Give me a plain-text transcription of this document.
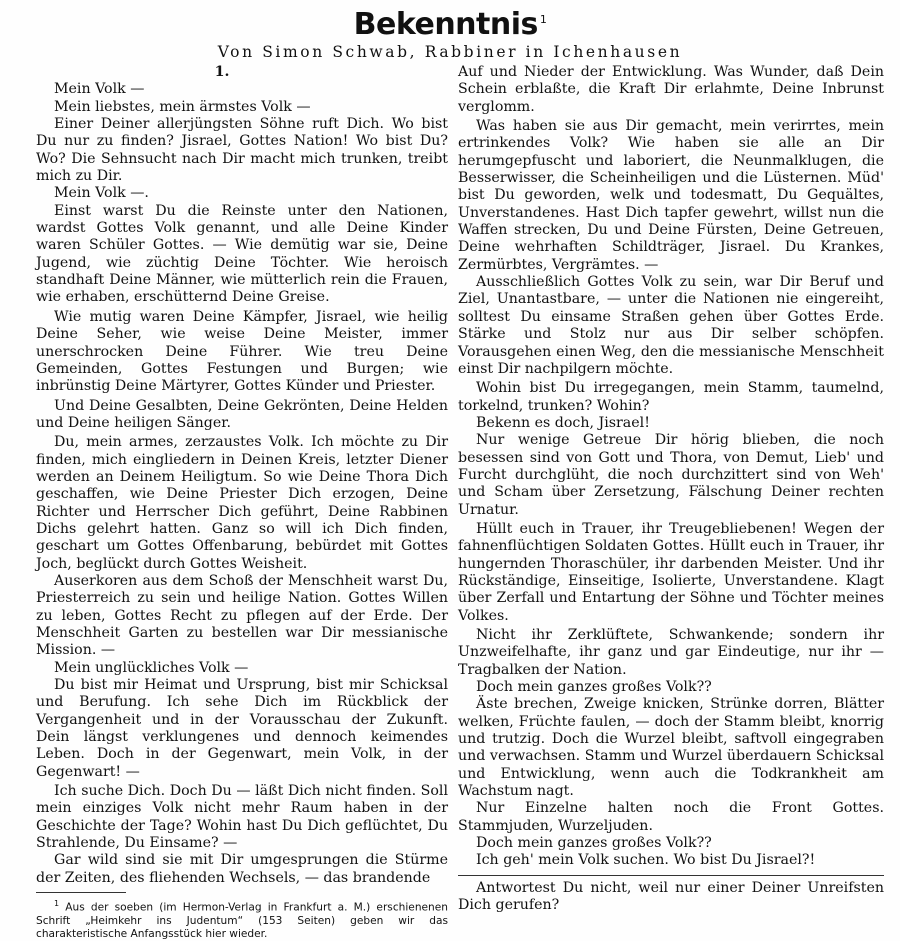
Bekenntnis $^1$
Von Simon Schwab, Rabbiner in Ichenhausen

1.

Mein Volk —

Mein liebstes, mein ärmstes Volk —

Einer Deiner allerjüngsten Söhne ruft Dich. Wo bist Du nur zu finden? Jisrael, Gottes Nation! Wo bist Du? Wo? Die Sehnsucht nach Dir macht mich trunken, treibt mich zu Dir.

Mein Volk —.

Einst warst Du die Reinste unter den Nationen, wardst Gottes Volk genannt, und alle Deine Kinder waren Schüler Gottes. — Wie demütig war sie, Deine Jugend, wie züchtig Deine Töchter. Wie heroisch standhaft Deine Männer, wie mütterlich rein die Frauen, wie erhaben, erschütternd Deine Greise.

Wie mutig waren Deine Kämpfer, Jisrael, wie heilig Deine Seher, wie weise Deine Meister, immer unerschrocken Deine Führer. Wie treu Deine Gemeinden, Gottes Festungen und Burgen; wie inbrünstig Deine Märtyrer, Gottes Künder und Priester.

Und Deine Gesalbten, Deine Gekrönten, Deine Helden und Deine heiligen Sänger.

Du, mein armes, zerzaustes Volk. Ich möchte zu Dir finden, mich eingliedern in Deinen Kreis, letzter Diener werden an Deinem Heiligtum. So wie Deine Thora Dich geschaffen, wie Deine Priester Dich erzogen, Deine Richter und Herrscher Dich geführt, Deine Rabbinen Dichs gelehrt hatten. Ganz so will ich Dich finden, geschart um Gottes Offenbarung, bebürdet mit Gottes Joch, beglückt durch Gottes Weisheit.

Auserkoren aus dem Schoß der Menschheit warst Du, Priesterreich zu sein und heilige Nation. Gottes Willen zu leben, Gottes Recht zu pflegen auf der Erde. Der Menschheit Garten zu bestellen war Dir messianische Mission. —

Mein unglückliches Volk —

Du bist mir Heimat und Ursprung, bist mir Schicksal und Berufung. Ich sehe Dich im Rückblick der Vergangenheit und in der Vorausschau der Zukunft. Dein längst verklungenes und dennoch keimendes Leben. Doch in der Gegenwart, mein Volk, in der Gegenwart! —

Ich suche Dich. Doch Du — läßt Dich nicht finden. Soll mein einziges Volk nicht mehr Raum haben in der Geschichte der Tage? Wohin hast Du Dich geflüchtet, Du Strahlende, Du Einsame? —

Gar wild sind sie mit Dir umgesprungen die Stürme der Zeiten, des fliehenden Wechsels, — das brandende

$^1$ Aus der soeben (im Hermon-Verlag in Frankfurt a. M.) erschienenen Schrift „Heimkehr ins Judentum“ (153 Seiten) geben wir das charakteristische Anfangsstück hier wieder.

Auf und Nieder der Entwicklung. Was Wunder, daß Dein Schein erblaßte, die Kraft Dir erlahmte, Deine Inbrunst verglomm.

Was haben sie aus Dir gemacht, mein verirrtes, mein ertrinkendes Volk? Wie haben sie alle an Dir herumgepfuscht und laboriert, die Neunmalklugen, die Besserwisser, die Scheinheiligen und die Lüsternen. Müd' bist Du geworden, welk und todesmatt, Du Gequältes, Unverstandenes. Hast Dich tapfer gewehrt, willst nun die Waffen strecken, Du und Deine Fürsten, Deine Getreuen, Deine wehrhaften Schildträger, Jisrael. Du Krankes, Zermürbtes, Vergrämtes. —

Ausschließlich Gottes Volk zu sein, war Dir Beruf und Ziel, Unantastbare, — unter die Nationen nie eingereiht, solltest Du einsame Straßen gehen über Gottes Erde. Stärke und Stolz nur aus Dir selber schöpfen. Vorausgehen einen Weg, den die messianische Menschheit einst Dir nachpilgern möchte.

Wohin bist Du irregegangen, mein Stamm, taumelnd, torkelnd, trunken? Wohin?

Bekenn es doch, Jisrael!

Nur wenige Getreue Dir hörig blieben, die noch besessen sind von Gott und Thora, von Demut, Lieb' und Furcht durchglüht, die noch durchzittert sind von Weh' und Scham über Zersetzung, Fälschung Deiner rechten Urnatur.

Hüllt euch in Trauer, ihr Treugebliebenen! Wegen der fahnenflüchtigen Soldaten Gottes. Hüllt euch in Trauer, ihr hungernden Thoraschüler, ihr darbenden Meister. Und ihr Rückständige, Einseitige, Isolierte, Unverstandene. Klagt über Zerfall und Entartung der Söhne und Töchter meines Volkes.

Nicht ihr Zerklüftete, Schwankende; sondern ihr Unzweifelhafte, ihr ganz und gar Eindeutige, nur ihr — Tragbalken der Nation.

Doch mein ganzes großes Volk??

Äste brechen, Zweige knicken, Strünke dorren, Blätter welken, Früchte faulen, — doch der Stamm bleibt, knorrig und trutzig. Doch die Wurzel bleibt, saftvoll eingegraben und verwachsen. Stamm und Wurzel überdauern Schicksal und Entwicklung, wenn auch die Todkrankheit am Wachstum nagt.

Nur Einzelne halten noch die Front Gottes. Stammjuden, Wurzeljuden.

Doch mein ganzes großes Volk??

Ich geh' mein Volk suchen. Wo bist Du Jisrael?!

Antwortest Du nicht, weil nur einer Deiner Unreifsten Dich gerufen?
